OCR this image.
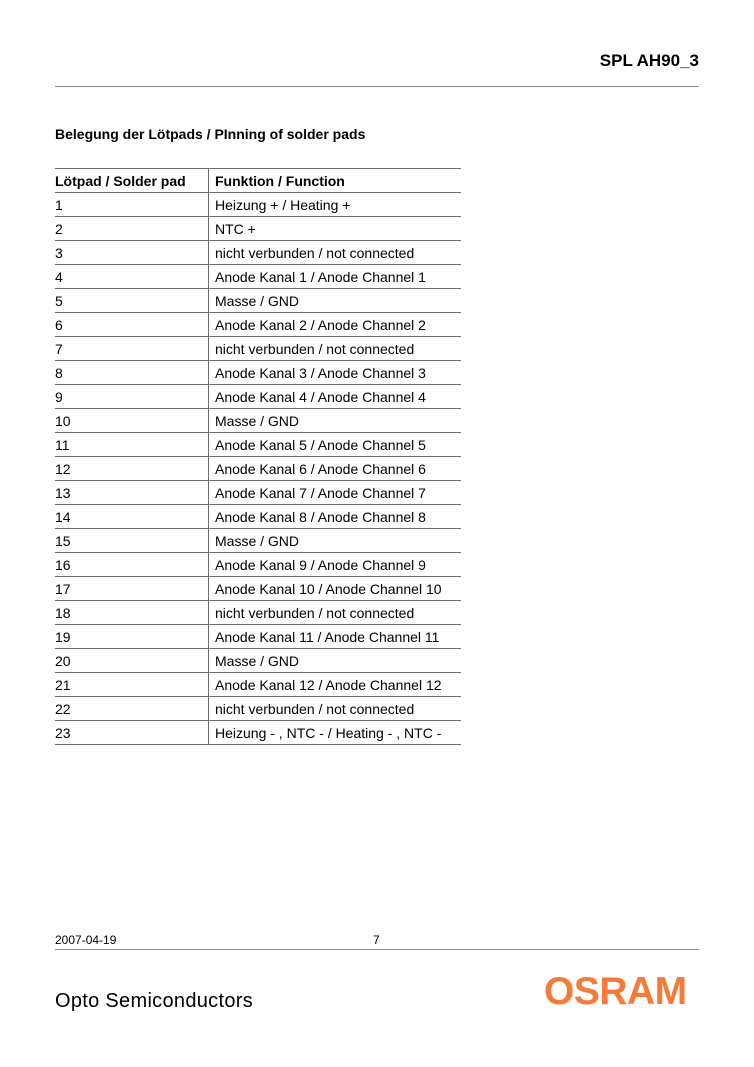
SPL AH90_3
Belegung der Lötpads / PInning of solder pads
Lötpad / Solder pad	Funktion / Function
1	Heizung + / Heating +
2	NTC +
3	nicht verbunden / not connected
4	Anode Kanal 1 / Anode Channel 1
5	Masse / GND
6	Anode Kanal 2 / Anode Channel 2
7	nicht verbunden / not connected
8	Anode Kanal 3 / Anode Channel 3
9	Anode Kanal 4 / Anode Channel 4
10	Masse / GND
11	Anode Kanal 5 / Anode Channel 5
12	Anode Kanal 6 / Anode Channel 6
13	Anode Kanal 7 / Anode Channel 7
14	Anode Kanal 8 / Anode Channel 8
15	Masse / GND
16	Anode Kanal 9 / Anode Channel 9
17	Anode Kanal 10 / Anode Channel 10
18	nicht verbunden / not connected
19	Anode Kanal 11 / Anode Channel 11
20	Masse / GND
21	Anode Kanal 12 / Anode Channel 12
22	nicht verbunden / not connected
23	Heizung - , NTC - / Heating - , NTC -
2007-04-19	7
Opto Semiconductors	OSRAM
